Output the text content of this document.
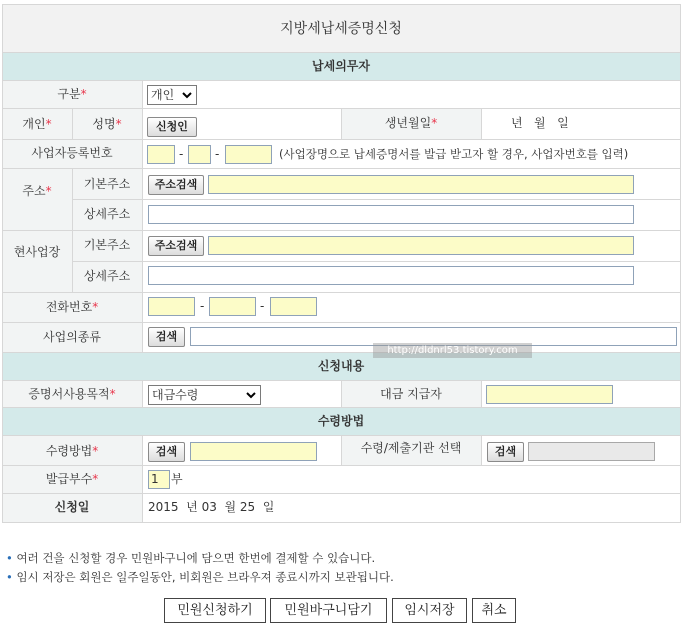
지방세납세증명신청
납세의무자
신청내용
수령방법
구분*	개인
개인*	성명*	신청인	생년월일*	년   월   일
사업자등록번호	-	-	(사업장명으로 납세증명서를 발급 받고자 할 경우, 사업자번호를 입력)
주소*	기본주소	주소검색
상세주소
현사업장	기본주소	주소검색
상세주소
전화번호*	-	-
사업의종류	검색
증명서사용목적*	대금수령	대금 지급자
수령방법*	검색	수령/제출기관 선택	검색
발급부수*	1	부
신청일	2015  년 03  월 25  일
http://dldnrl53.tistory.com
• 여러 건을 신청할 경우 민원바구니에 담으면 한번에 결제할 수 있습니다.
• 임시 저장은 회원은 일주일동안, 비회원은 브라우져 종료시까지 보관됩니다.
민원신청하기	민원바구니담기	임시저장	취소
